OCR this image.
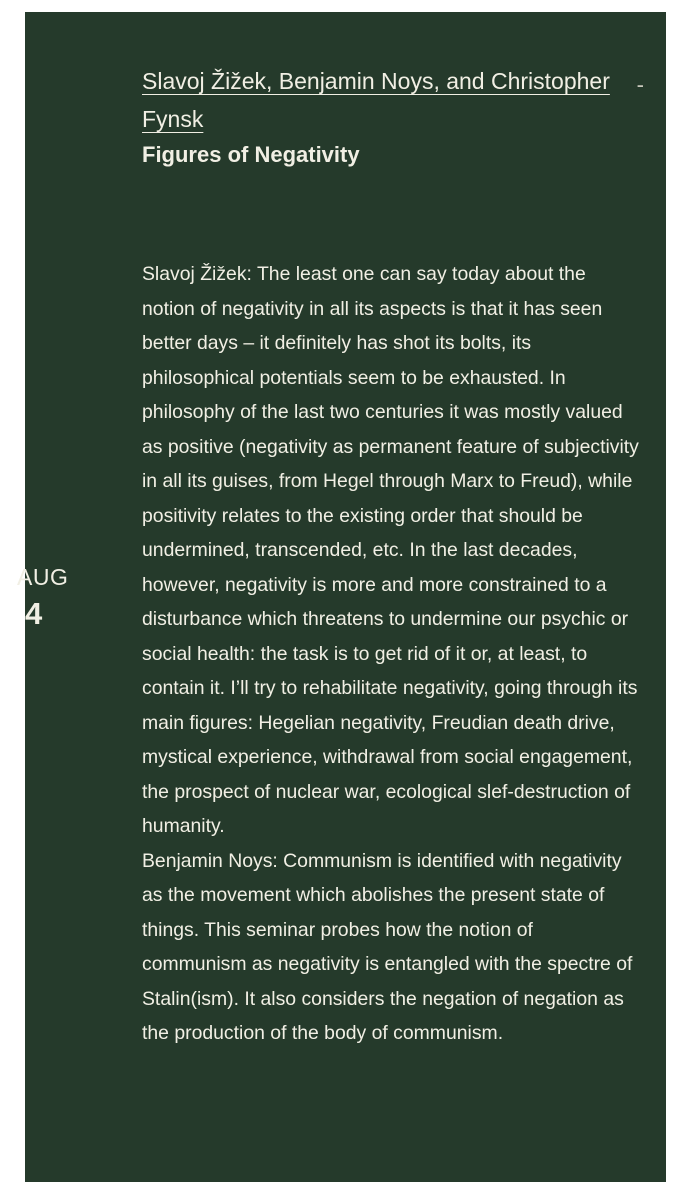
AUG
4
-
Slavoj Žižek, Benjamin Noys, and Christopher Fynsk
Figures of Negativity

Slavoj Žižek: The least one can say today about the notion of negativity in all its aspects is that it has seen better days – it definitely has shot its bolts, its philosophical potentials seem to be exhausted. In philosophy of the last two centuries it was mostly valued as positive (negativity as permanent feature of subjectivity in all its guises, from Hegel through Marx to Freud), while positivity relates to the existing order that should be undermined, transcended, etc. In the last decades, however, negativity is more and more constrained to a disturbance which threatens to undermine our psychic or social health: the task is to get rid of it or, at least, to contain it. I’ll try to rehabilitate negativity, going through its main figures: Hegelian negativity, Freudian death drive, mystical experience, withdrawal from social engagement, the prospect of nuclear war, ecological slef-destruction of humanity.

Benjamin Noys: Communism is identified with negativity as the movement which abolishes the present state of things. This seminar probes how the notion of communism as negativity is entangled with the spectre of Stalin(ism). It also considers the negation of negation as the production of the body of communism.
